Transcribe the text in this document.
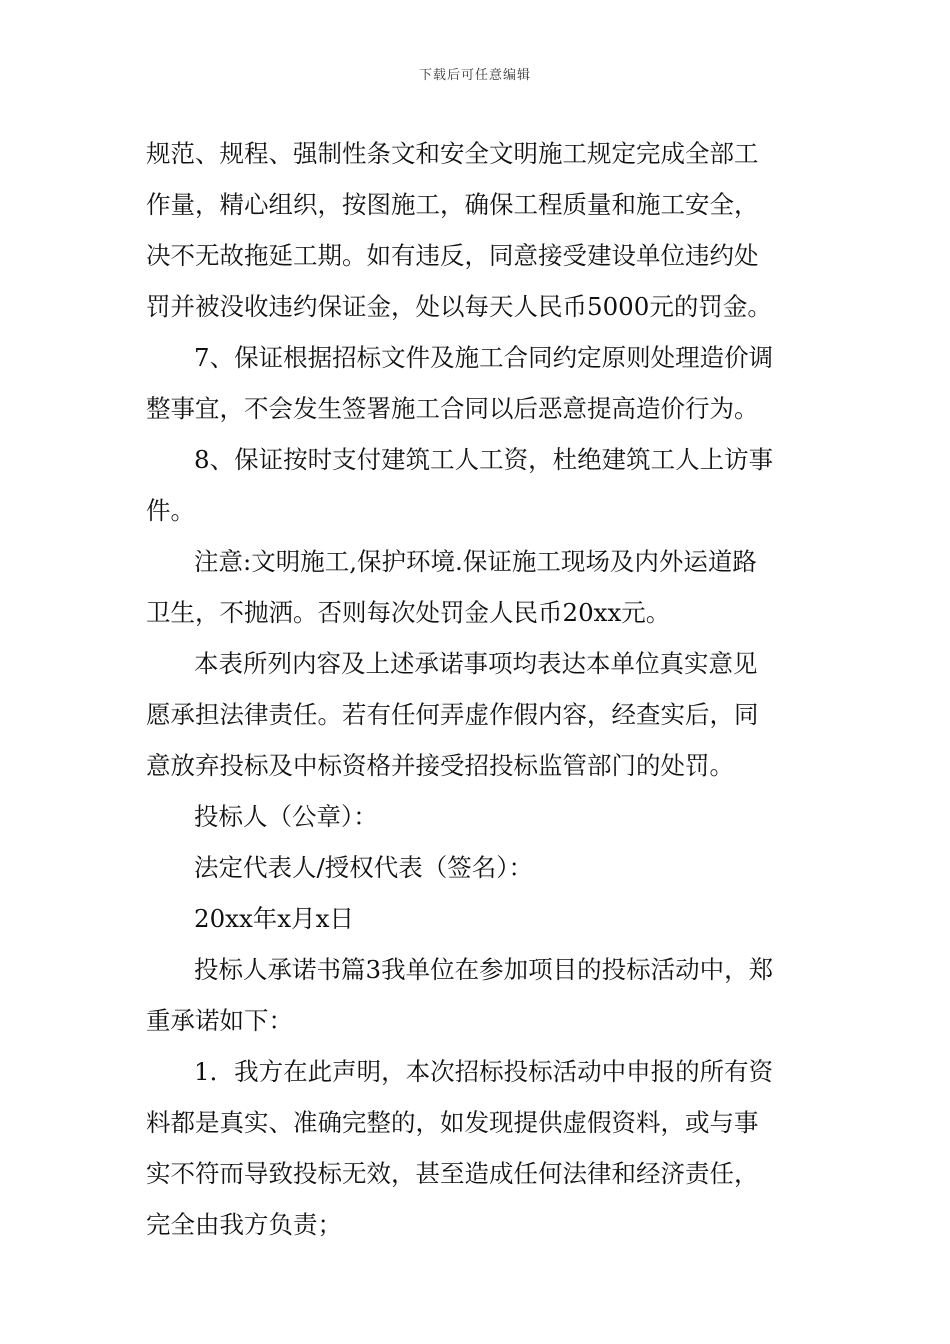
下载后可任意编辑
规范、规程、强制性条文和安全文明施工规定完成全部工
作量，精心组织，按图施工，确保工程质量和施工安全，
决不无故拖延工期。如有违反，同意接受建设单位违约处
罚并被没收违约保证金，处以每天人民币5000元的罚金。
7、保证根据招标文件及施工合同约定原则处理造价调
整事宜，不会发生签署施工合同以后恶意提高造价行为。
8、保证按时支付建筑工人工资，杜绝建筑工人上访事
件。
注意:文明施工,保护环境.保证施工现场及内外运道路
卫生，不抛洒。否则每次处罚金人民币20xx元。
本表所列内容及上述承诺事项均表达本单位真实意见
愿承担法律责任。若有任何弄虚作假内容，经查实后，同
意放弃投标及中标资格并接受招投标监管部门的处罚。
投标人（公章）：
法定代表人/授权代表（签名）：
20xx年x月x日
投标人承诺书篇3我单位在参加项目的投标活动中，郑
重承诺如下：
1．我方在此声明，本次招标投标活动中申报的所有资
料都是真实、准确完整的，如发现提供虚假资料，或与事
实不符而导致投标无效，甚至造成任何法律和经济责任，
完全由我方负责；
